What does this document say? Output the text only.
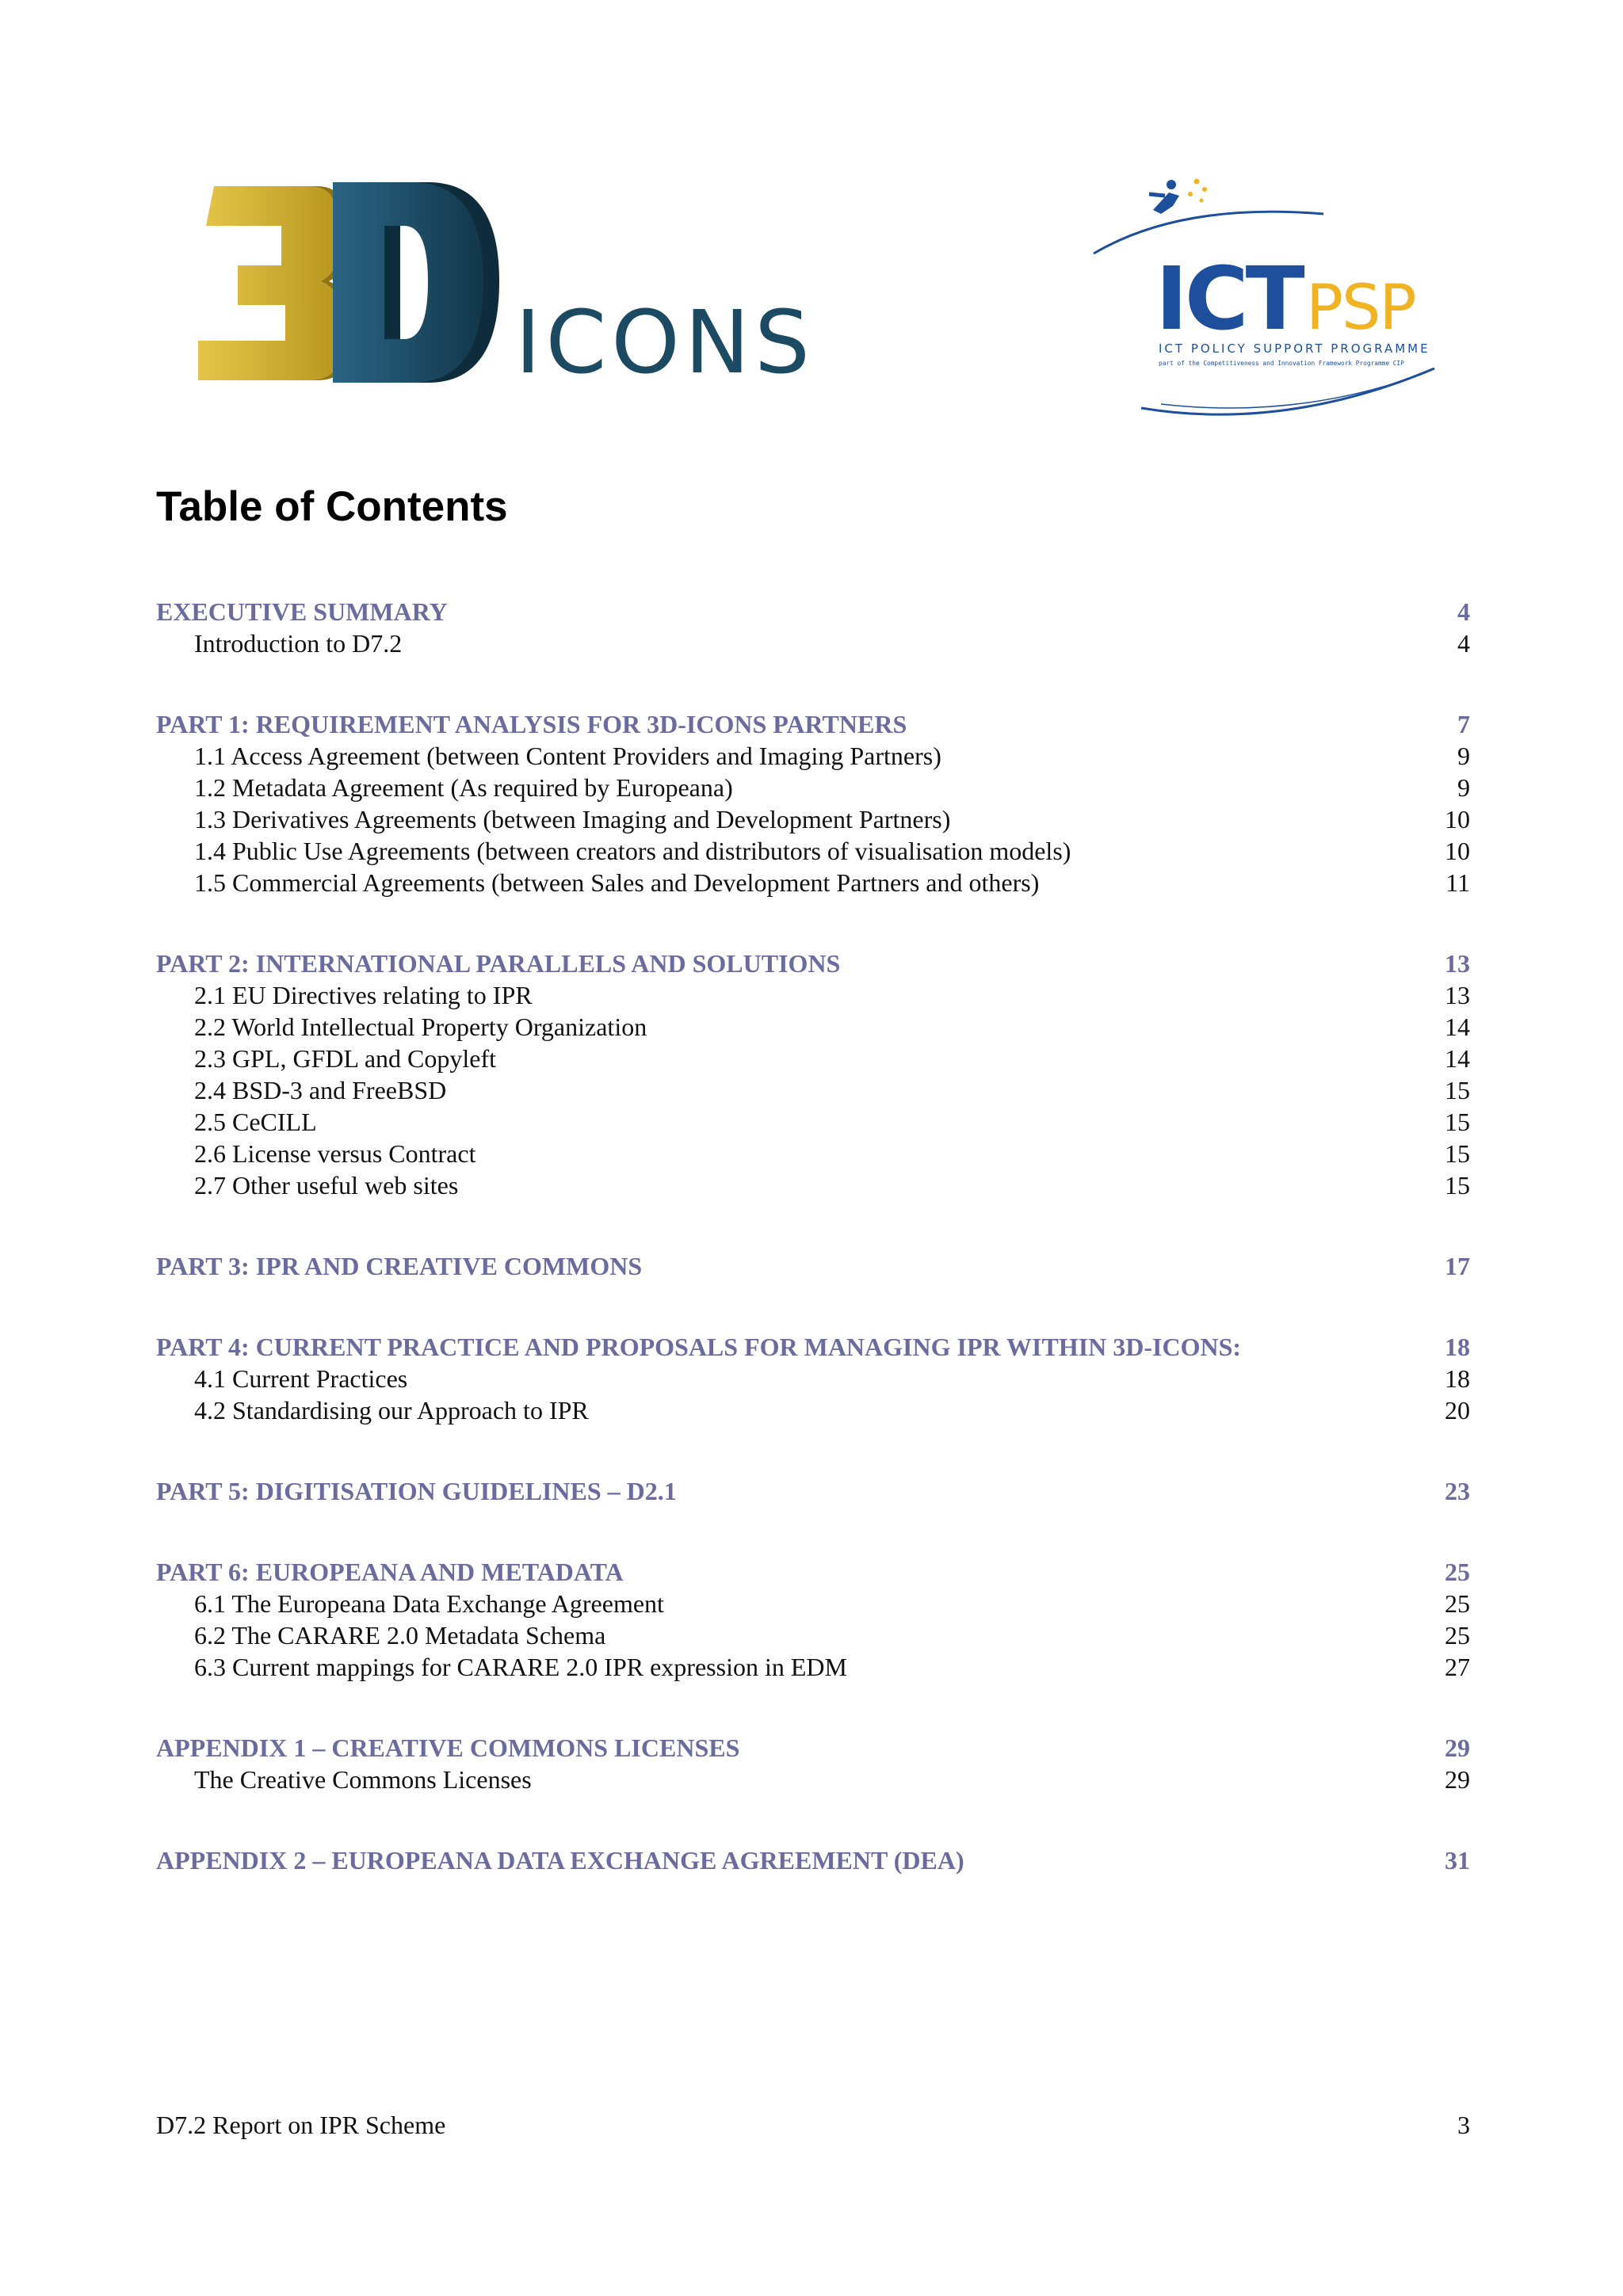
ICONS	ICT PSP
ICT POLICY SUPPORT PROGRAMME
part of the Competitiveness and Innovation Framework Programme CIP
Table of Contents
EXECUTIVE SUMMARY	4
Introduction to D7.2	4
PART 1: REQUIREMENT ANALYSIS FOR 3D-ICONS PARTNERS	7
1.1 Access Agreement (between Content Providers and Imaging Partners)	9
1.2 Metadata Agreement (As required by Europeana)	9
1.3 Derivatives Agreements (between Imaging and Development Partners)	10
1.4 Public Use Agreements (between creators and distributors of visualisation models)	10
1.5 Commercial Agreements (between Sales and Development Partners and others)	11
PART 2: INTERNATIONAL PARALLELS AND SOLUTIONS	13
2.1 EU Directives relating to IPR	13
2.2 World Intellectual Property Organization	14
2.3 GPL, GFDL and Copyleft	14
2.4 BSD-3 and FreeBSD	15
2.5 CeCILL	15
2.6 License versus Contract	15
2.7 Other useful web sites	15
PART 3: IPR AND CREATIVE COMMONS	17
PART 4: CURRENT PRACTICE AND PROPOSALS FOR MANAGING IPR WITHIN 3D-ICONS:	18
4.1 Current Practices	18
4.2 Standardising our Approach to IPR	20
PART 5: DIGITISATION GUIDELINES – D2.1	23
PART 6: EUROPEANA AND METADATA	25
6.1 The Europeana Data Exchange Agreement	25
6.2 The CARARE 2.0 Metadata Schema	25
6.3 Current mappings for CARARE 2.0 IPR expression in EDM	27
APPENDIX 1 – CREATIVE COMMONS LICENSES	29
The Creative Commons Licenses	29
APPENDIX 2 – EUROPEANA DATA EXCHANGE AGREEMENT (DEA)	31
D7.2 Report on IPR Scheme	3
